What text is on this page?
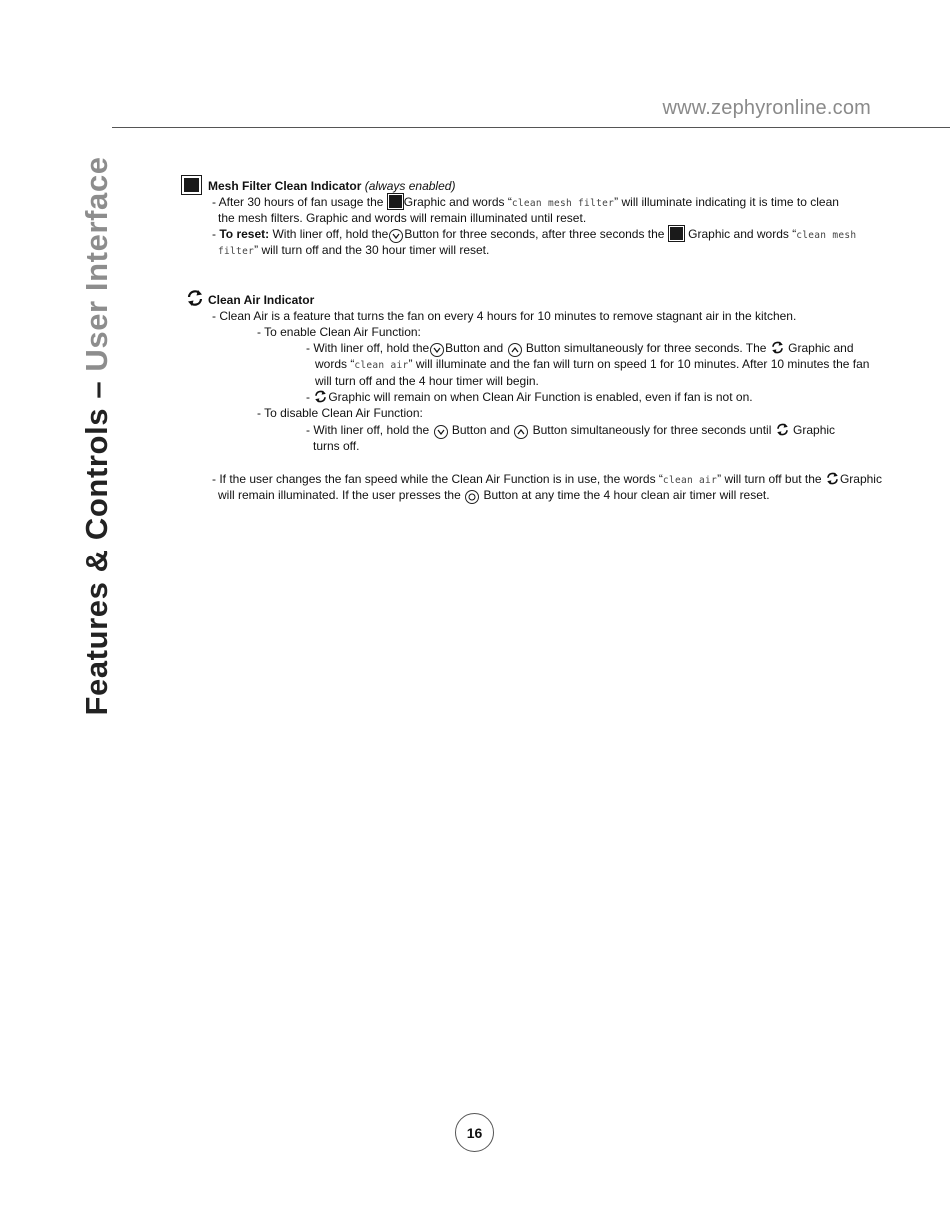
www.zephyronline.com
Features & Controls – User Interface	Mesh Filter Clean Indicator (always enabled)
- After 30 hours of fan usage the Graphic and words “clean mesh filter” will illuminate indicating it is time to clean
the mesh filters. Graphic and words will remain illuminated until reset.
- To reset: With liner off, hold the Button for three seconds, after three seconds the  Graphic and words “clean mesh
filter” will turn off and the 30 hour timer will reset.
Clean Air Indicator
- Clean Air is a feature that turns the fan on every 4 hours for 10 minutes to remove stagnant air in the kitchen.
- To enable Clean Air Function:
- With liner off, hold the Button and
Button simultaneously for three seconds. The  Graphic and
words “clean air” will illuminate and the fan will turn on speed 1 for 10 minutes. After 10 minutes the fan
will turn off and the 4 hour timer will begin.
- Graphic will remain on when Clean Air Function is enabled, even if fan is not on.
- To disable Clean Air Function:
- With liner off, hold the
Button and
Button simultaneously for three seconds until  Graphic
turns off.
- If the user changes the fan speed while the Clean Air Function is in use, the words “clean air” will turn off but the Graphic
will remain illuminated. If the user presses the
Button at any time the 4 hour clean air timer will reset.
16
